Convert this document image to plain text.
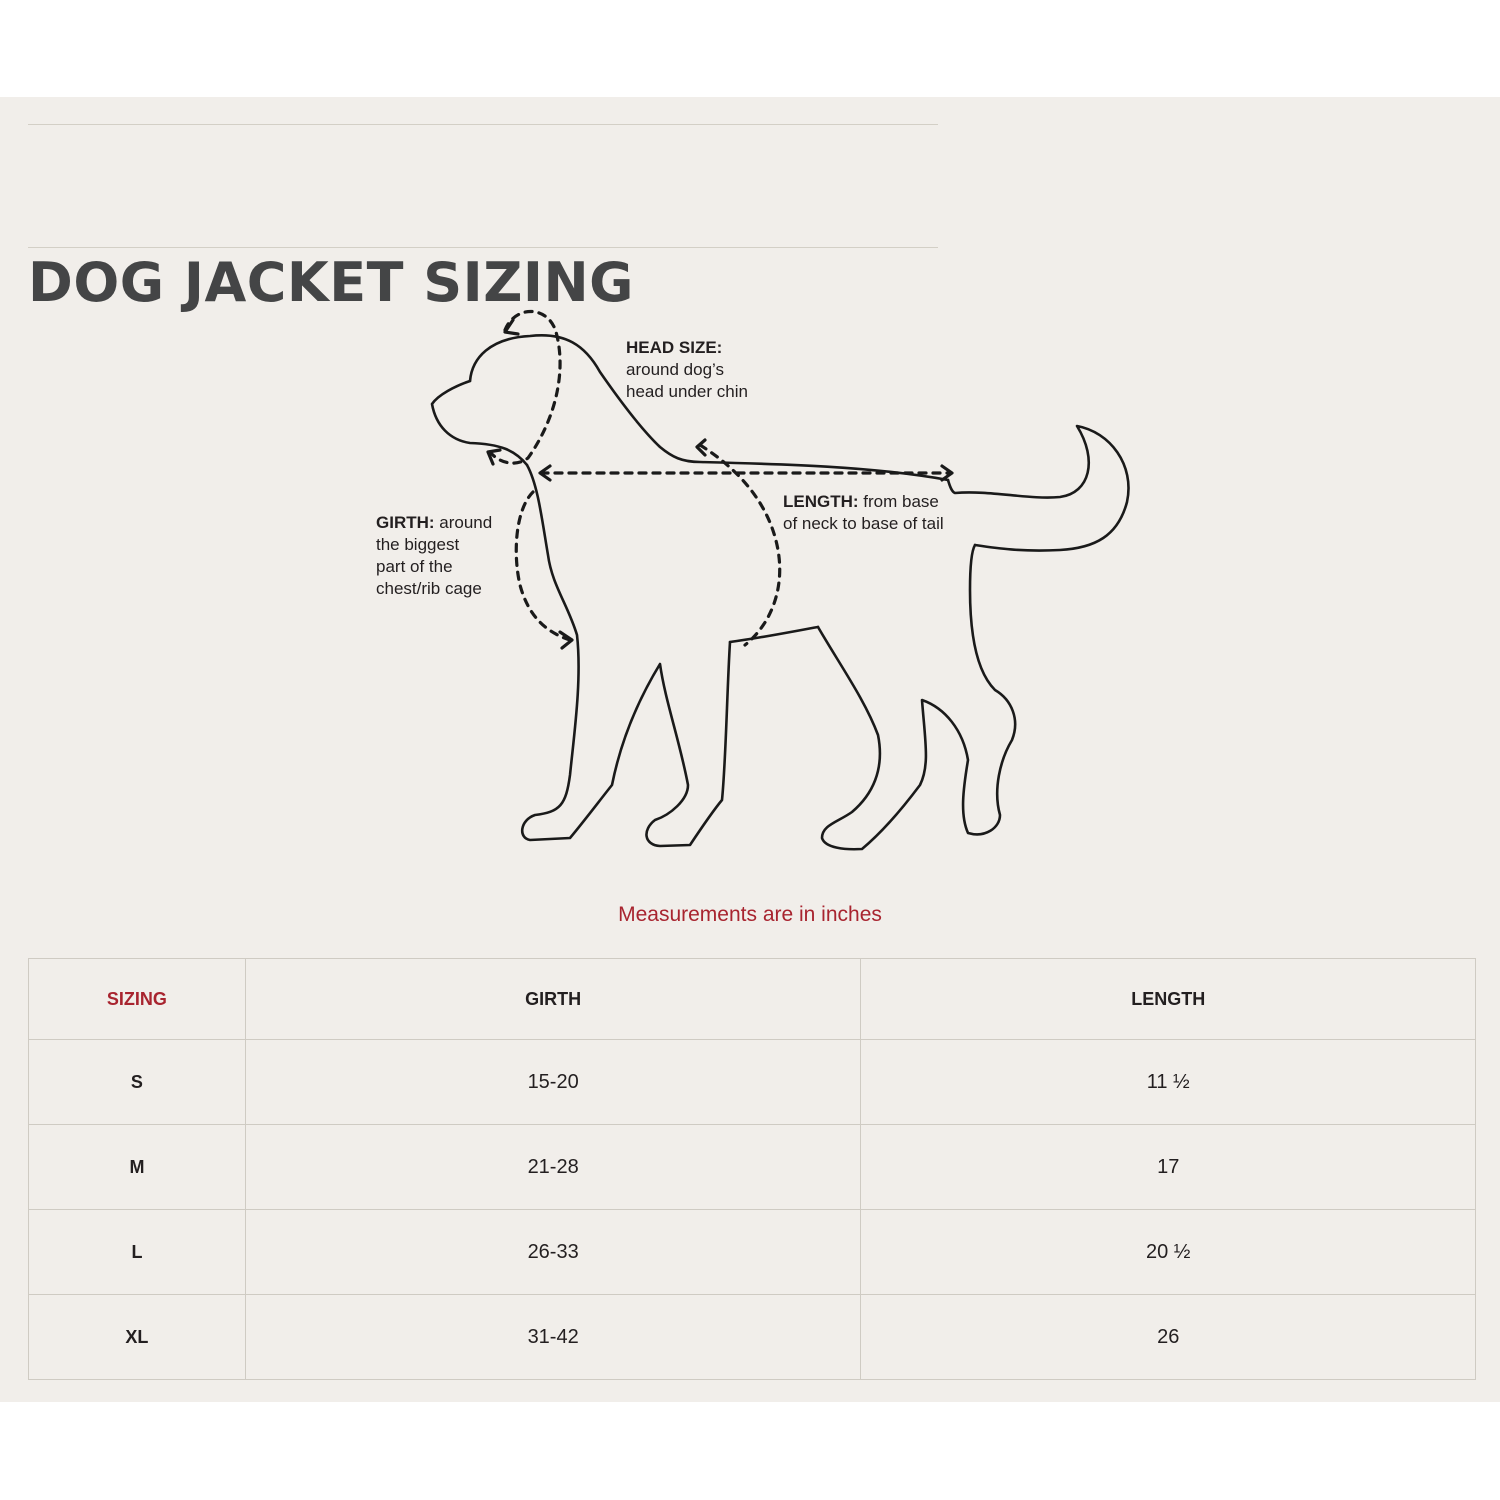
DOG JACKET SIZING
HEAD SIZE:
around dog’s
head under chin
LENGTH: from base
of neck to base of tail
GIRTH: around
the biggest
part of the
chest/rib cage
Measurements are in inches
SIZING	GIRTH	LENGTH
S	15-20	11 ½
M	21-28	17
L	26-33	20 ½
XL	31-42	26
